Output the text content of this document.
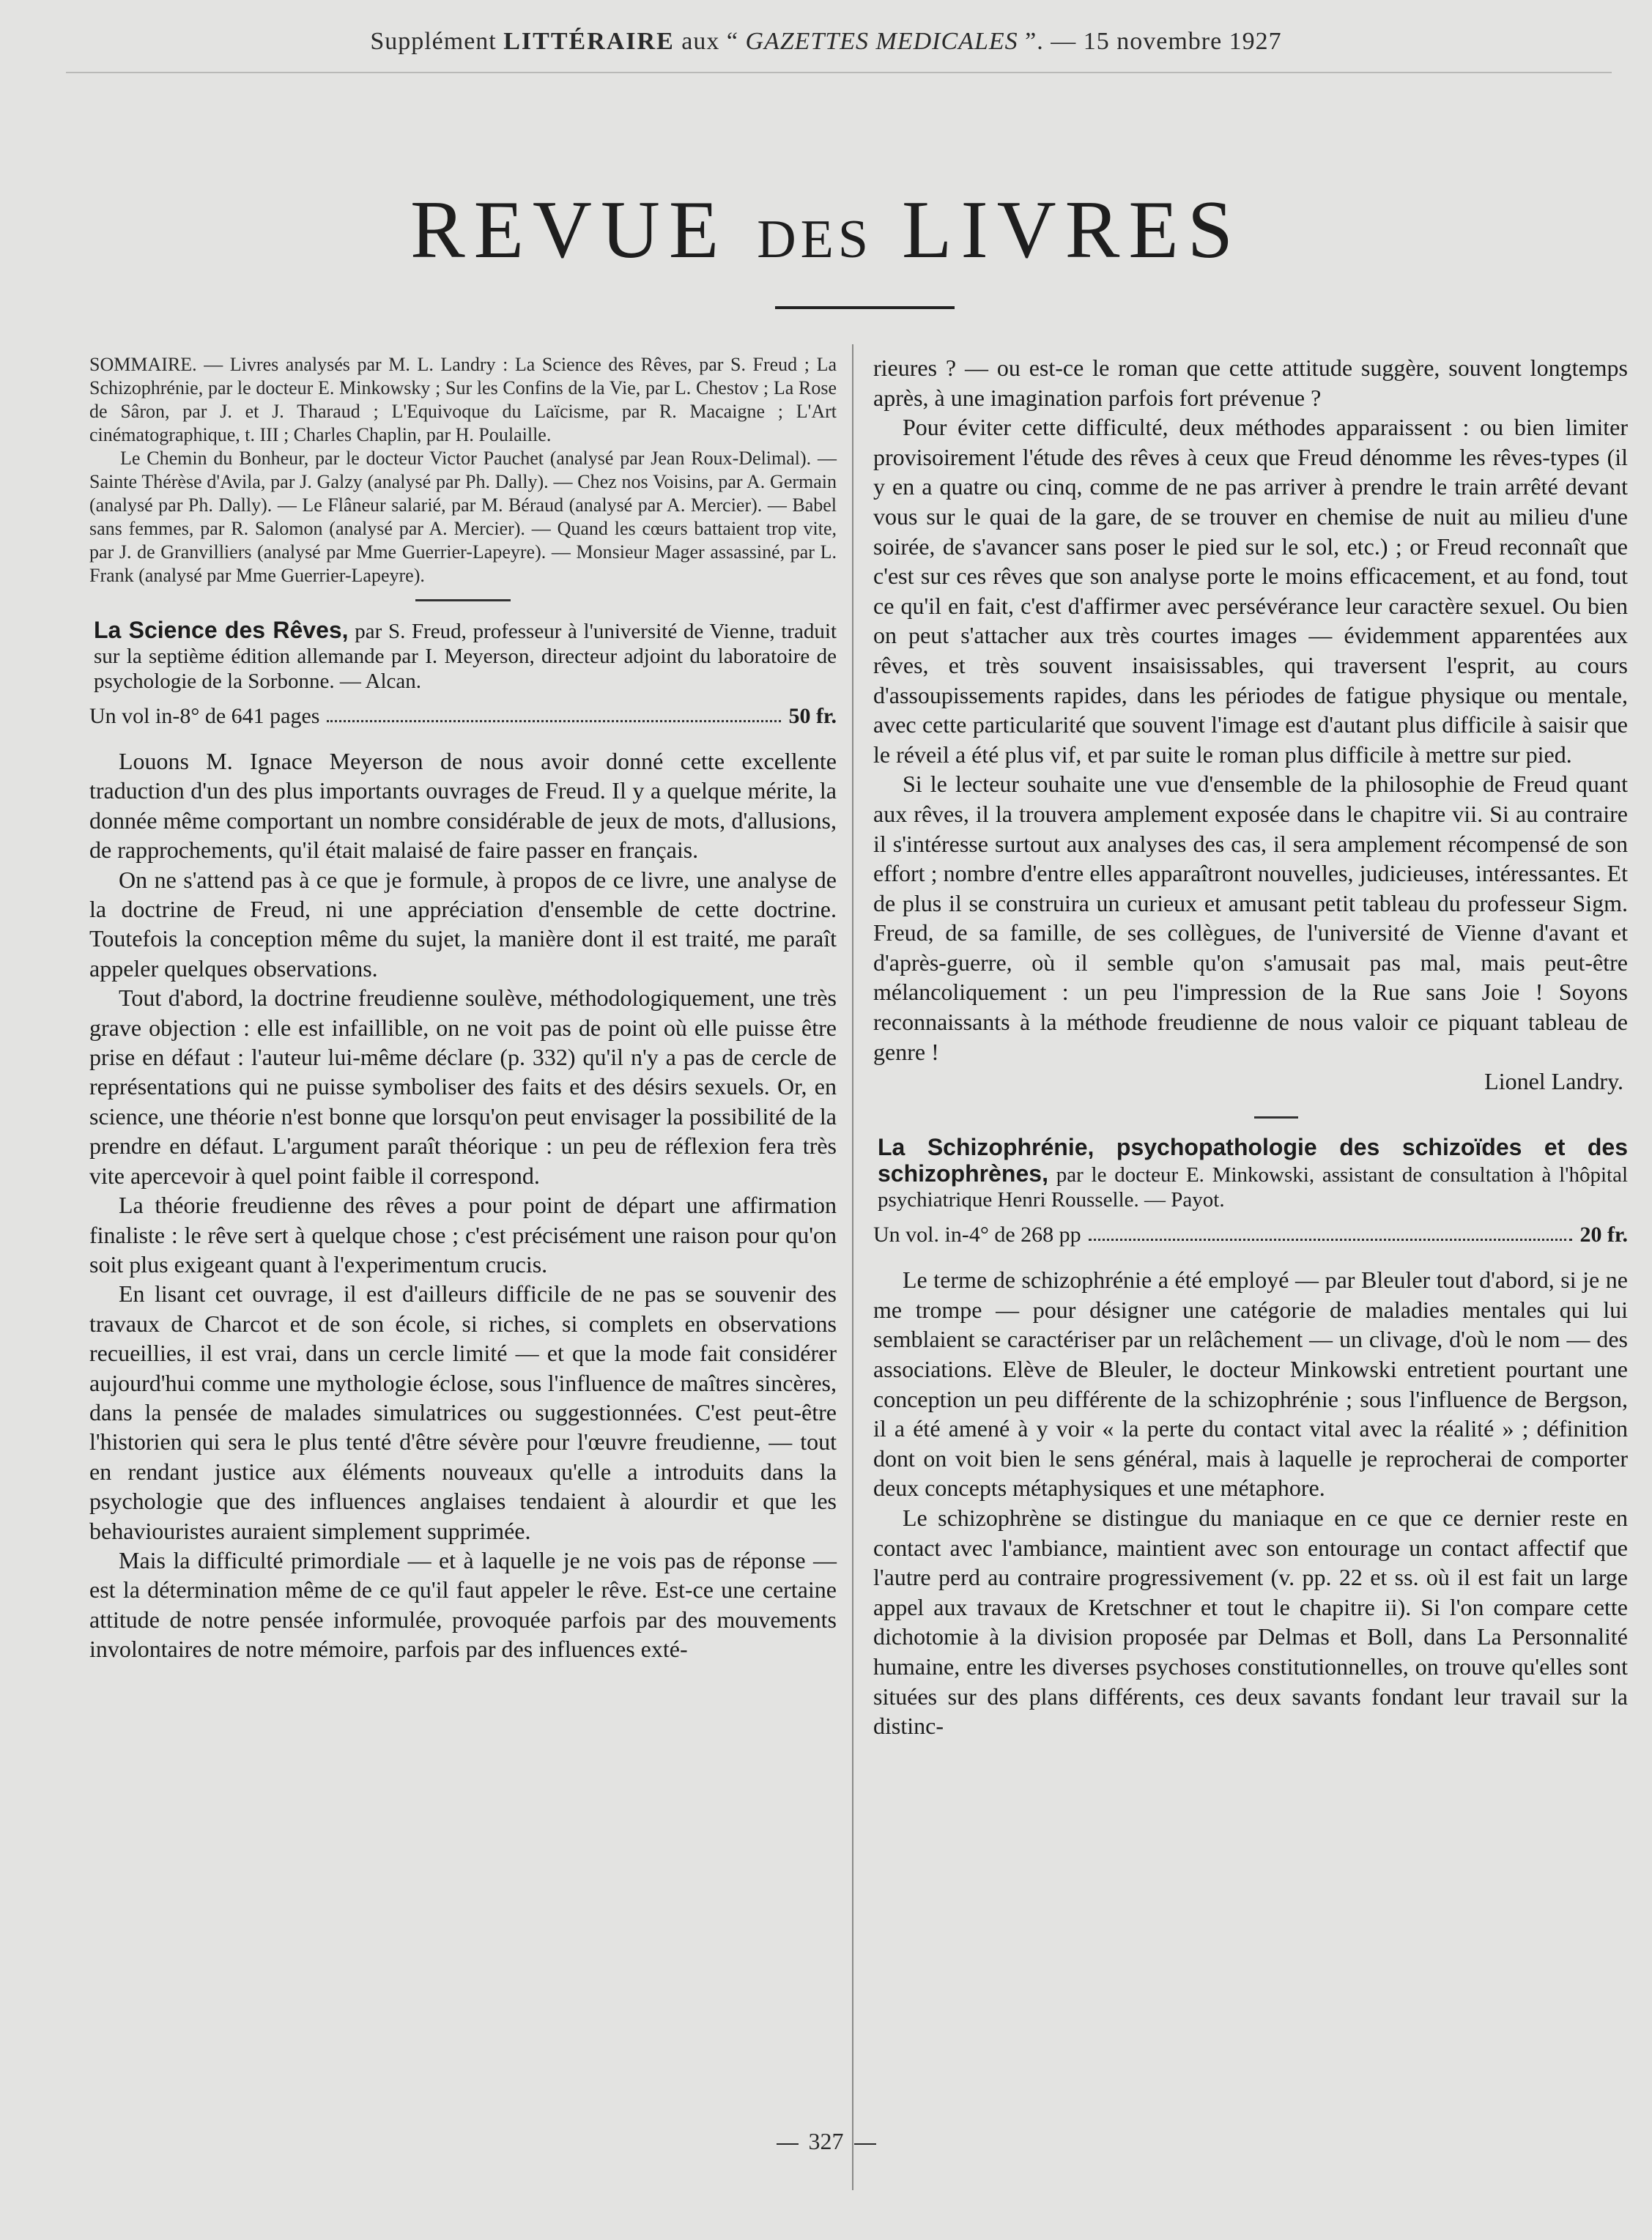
Supplément LITTÉRAIRE aux “ GAZETTES MEDICALES ”. — 15 novembre 1927
REVUE DES LIVRES

SOMMAIRE. — Livres analysés par M. L. Landry : La Science des Rêves, par S. Freud ; La Schizophrénie, par le docteur E. Minkowsky ; Sur les Confins de la Vie, par L. Chestov ; La Rose de Sâron, par J. et J. Tharaud ; L'Equivoque du Laïcisme, par R. Macaigne ; L'Art cinématographique, t. III ; Charles Chaplin, par H. Poulaille.

Le Chemin du Bonheur, par le docteur Victor Pauchet (analysé par Jean Roux-Delimal). — Sainte Thérèse d'Avila, par J. Galzy (analysé par Ph. Dally). — Chez nos Voisins, par A. Germain (analysé par Ph. Dally). — Le Flâneur salarié, par M. Béraud (analysé par A. Mercier). — Babel sans femmes, par R. Salomon (analysé par A. Mercier). — Quand les cœurs battaient trop vite, par J. de Granvilliers (analysé par Mme Guerrier-Lapeyre). — Monsieur Mager assassiné, par L. Frank (analysé par Mme Guerrier-Lapeyre).

La Science des Rêves, par S. Freud, professeur à l'université de Vienne, traduit sur la septième édition allemande par I. Meyerson, directeur adjoint du laboratoire de psychologie de la Sorbonne. — Alcan.

Un vol in-8° de 641 pages	50 fr.

Louons M. Ignace Meyerson de nous avoir donné cette excellente traduction d'un des plus importants ouvrages de Freud. Il y a quelque mérite, la donnée même comportant un nombre considérable de jeux de mots, d'allusions, de rapprochements, qu'il était malaisé de faire passer en français.

On ne s'attend pas à ce que je formule, à propos de ce livre, une analyse de la doctrine de Freud, ni une appréciation d'ensemble de cette doctrine. Toutefois la conception même du sujet, la manière dont il est traité, me paraît appeler quelques observations.

Tout d'abord, la doctrine freudienne soulève, méthodologiquement, une très grave objection : elle est infaillible, on ne voit pas de point où elle puisse être prise en défaut : l'auteur lui-même déclare (p. 332) qu'il n'y a pas de cercle de représentations qui ne puisse symboliser des faits et des désirs sexuels. Or, en science, une théorie n'est bonne que lorsqu'on peut envisager la possibilité de la prendre en défaut. L'argument paraît théorique : un peu de réflexion fera très vite apercevoir à quel point faible il correspond.

La théorie freudienne des rêves a pour point de départ une affirmation finaliste : le rêve sert à quelque chose ; c'est précisément une raison pour qu'on soit plus exigeant quant à l'experimentum crucis.

En lisant cet ouvrage, il est d'ailleurs difficile de ne pas se souvenir des travaux de Charcot et de son école, si riches, si complets en observations recueillies, il est vrai, dans un cercle limité — et que la mode fait considérer aujourd'hui comme une mythologie éclose, sous l'influence de maîtres sincères, dans la pensée de malades simulatrices ou suggestionnées. C'est peut-être l'historien qui sera le plus tenté d'être sévère pour l'œuvre freudienne, — tout en rendant justice aux éléments nouveaux qu'elle a introduits dans la psychologie que des influences anglaises tendaient à alourdir et que les behaviouristes auraient simplement supprimée.

Mais la difficulté primordiale — et à laquelle je ne vois pas de réponse — est la détermination même de ce qu'il faut appeler le rêve. Est-ce une certaine attitude de notre pensée informulée, provoquée parfois par des mouvements involontaires de notre mémoire, parfois par des influences exté-

rieures ? — ou est-ce le roman que cette attitude suggère, souvent longtemps après, à une imagination parfois fort prévenue ?

Pour éviter cette difficulté, deux méthodes apparaissent : ou bien limiter provisoirement l'étude des rêves à ceux que Freud dénomme les rêves-types (il y en a quatre ou cinq, comme de ne pas arriver à prendre le train arrêté devant vous sur le quai de la gare, de se trouver en chemise de nuit au milieu d'une soirée, de s'avancer sans poser le pied sur le sol, etc.) ; or Freud reconnaît que c'est sur ces rêves que son analyse porte le moins efficacement, et au fond, tout ce qu'il en fait, c'est d'affirmer avec persévérance leur caractère sexuel. Ou bien on peut s'attacher aux très courtes images — évidemment apparentées aux rêves, et très souvent insaisissables, qui traversent l'esprit, au cours d'assoupissements rapides, dans les périodes de fatigue physique ou mentale, avec cette particularité que souvent l'image est d'autant plus difficile à saisir que le réveil a été plus vif, et par suite le roman plus difficile à mettre sur pied.

Si le lecteur souhaite une vue d'ensemble de la philosophie de Freud quant aux rêves, il la trouvera amplement exposée dans le chapitre vii. Si au contraire il s'intéresse surtout aux analyses des cas, il sera amplement récompensé de son effort ; nombre d'entre elles apparaîtront nouvelles, judicieuses, intéressantes. Et de plus il se construira un curieux et amusant petit tableau du professeur Sigm. Freud, de sa famille, de ses collègues, de l'université de Vienne d'avant et d'après-guerre, où il semble qu'on s'amusait pas mal, mais peut-être mélancoliquement : un peu l'impression de la Rue sans Joie ! Soyons reconnaissants à la méthode freudienne de nous valoir ce piquant tableau de genre !

Lionel Landry.

La Schizophrénie, psychopathologie des schizoïdes et des schizophrènes, par le docteur E. Minkowski, assistant de consultation à l'hôpital psychiatrique Henri Rousselle. — Payot.

Un vol. in-4° de 268 pp	20 fr.

Le terme de schizophrénie a été employé — par Bleuler tout d'abord, si je ne me trompe — pour désigner une catégorie de maladies mentales qui lui semblaient se caractériser par un relâchement — un clivage, d'où le nom — des associations. Elève de Bleuler, le docteur Minkowski entretient pourtant une conception un peu différente de la schizophrénie ; sous l'influence de Bergson, il a été amené à y voir « la perte du contact vital avec la réalité » ; définition dont on voit bien le sens général, mais à laquelle je reprocherai de comporter deux concepts métaphysiques et une métaphore.

Le schizophrène se distingue du maniaque en ce que ce dernier reste en contact avec l'ambiance, maintient avec son entourage un contact affectif que l'autre perd au contraire progressivement (v. pp. 22 et ss. où il est fait un large appel aux travaux de Kretschner et tout le chapitre ii). Si l'on compare cette dichotomie à la division proposée par Delmas et Boll, dans La Personnalité humaine, entre les diverses psychoses constitutionnelles, on trouve qu'elles sont situées sur des plans différents, ces deux savants fondant leur travail sur la distinc-

327
